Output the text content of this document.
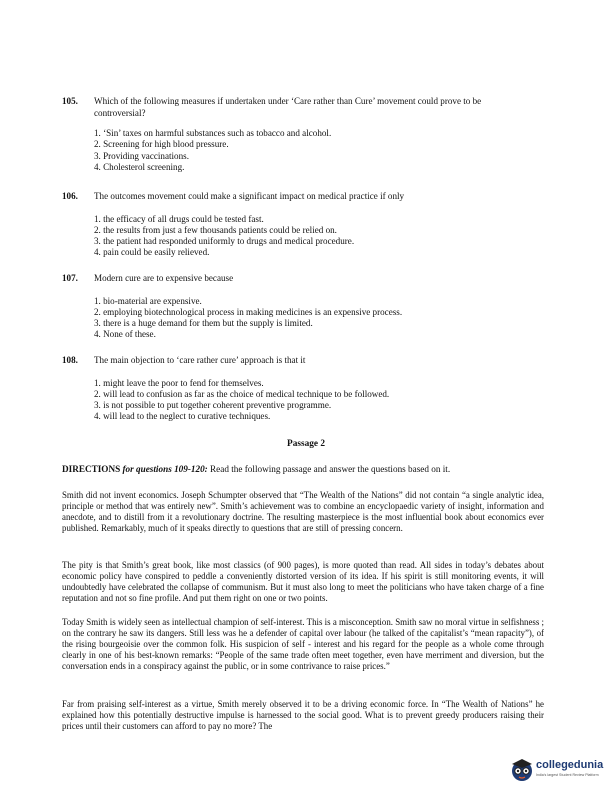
105. Which of the following measures if undertaken under ‘Care rather than Cure’ movement could prove to be controversial?
1. ‘Sin’ taxes on harmful substances such as tobacco and alcohol.
2. Screening for high blood pressure.
3. Providing vaccinations.
4. Cholesterol screening.
106. The outcomes movement could make a significant impact on medical practice if only
1. the efficacy of all drugs could be tested fast.
2. the results from just a few thousands patients could be relied on.
3. the patient had responded uniformly to drugs and medical procedure.
4. pain could be easily relieved.
107. Modern cure are to expensive because
1. bio-material are expensive.
2. employing biotechnological process in making medicines is an expensive process.
3. there is a huge demand for them but the supply is limited.
4. None of these.
108. The main objection to ‘care rather cure’ approach is that it
1. might leave the poor to fend for themselves.
2. will lead to confusion as far as the choice of medical technique to be followed.
3. is not possible to put together coherent preventive programme.
4. will lead to the neglect to curative techniques.
Passage 2
DIRECTIONS for questions 109-120: Read the following passage and answer the questions based on it.

Smith did not invent economics. Joseph Schumpter observed that “The Wealth of the Nations” did not contain “a single analytic idea, principle or method that was entirely new”. Smith’s achievement was to combine an encyclopaedic variety of insight, information and anecdote, and to distill from it a revolutionary doctrine. The resulting masterpiece is the most influential book about economics ever published. Remarkably, much of it speaks directly to questions that are still of pressing concern.

The pity is that Smith’s great book, like most classics (of 900 pages), is more quoted than read. All sides in today’s debates about economic policy have conspired to peddle a conveniently distorted version of its idea. If his spirit is still monitoring events, it will undoubtedly have celebrated the collapse of communism. But it must also long to meet the politicians who have taken charge of a fine reputation and not so fine profile. And put them right on one or two points.

Today Smith is widely seen as intellectual champion of self-interest. This is a misconception. Smith saw no moral virtue in selfishness ; on the contrary he saw its dangers. Still less was he a defender of capital over labour (he talked of the capitalist’s “mean rapacity”), of the rising bourgeoisie over the common folk. His suspicion of self - interest and his regard for the people as a whole come through clearly in one of his best-known remarks: “People of the same trade often meet together, even have merriment and diversion, but the conversation ends in a conspiracy against the public, or in some contrivance to raise prices.”

Far from praising self-interest as a virtue, Smith merely observed it to be a driving economic force. In “The Wealth of Nations” he explained how this potentially destructive impulse is harnessed to the social good. What is to prevent greedy producers raising their prices until their customers can afford to pay no more? The

collegedunia
India's largest Student Review Platform
